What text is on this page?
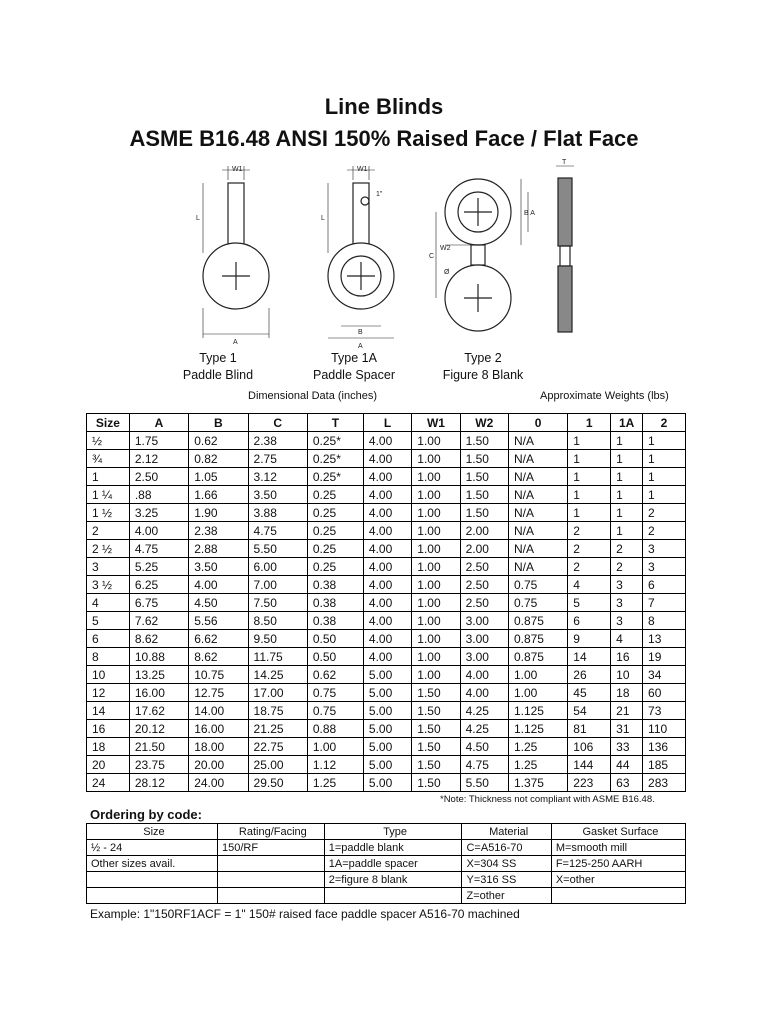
Line Blinds
ASME B16.48 ANSI 150% Raised Face / Flat Face
W1
L
A
W1
1"
L
B
A
B A
C
W2
Ø
T
Type 1
Paddle Blind
Type 1A
Paddle Spacer
Type 2
Figure 8 Blank
Dimensional Data (inches)	Approximate Weights (lbs)
Size	A	B	C	T	L	W1	W2	0	1	1A	2
½	1.75	0.62	2.38	0.25*	4.00	1.00	1.50	N/A	1	1	1
¾	2.12	0.82	2.75	0.25*	4.00	1.00	1.50	N/A	1	1	1
1	2.50	1.05	3.12	0.25*	4.00	1.00	1.50	N/A	1	1	1
1 ¼	.88	1.66	3.50	0.25	4.00	1.00	1.50	N/A	1	1	1
1 ½	3.25	1.90	3.88	0.25	4.00	1.00	1.50	N/A	1	1	2
2	4.00	2.38	4.75	0.25	4.00	1.00	2.00	N/A	2	1	2
2 ½	4.75	2.88	5.50	0.25	4.00	1.00	2.00	N/A	2	2	3
3	5.25	3.50	6.00	0.25	4.00	1.00	2.50	N/A	2	2	3
3 ½	6.25	4.00	7.00	0.38	4.00	1.00	2.50	0.75	4	3	6
4	6.75	4.50	7.50	0.38	4.00	1.00	2.50	0.75	5	3	7
5	7.62	5.56	8.50	0.38	4.00	1.00	3.00	0.875	6	3	8
6	8.62	6.62	9.50	0.50	4.00	1.00	3.00	0.875	9	4	13
8	10.88	8.62	11.75	0.50	4.00	1.00	3.00	0.875	14	16	19
10	13.25	10.75	14.25	0.62	5.00	1.00	4.00	1.00	26	10	34
12	16.00	12.75	17.00	0.75	5.00	1.50	4.00	1.00	45	18	60
14	17.62	14.00	18.75	0.75	5.00	1.50	4.25	1.125	54	21	73
16	20.12	16.00	21.25	0.88	5.00	1.50	4.25	1.125	81	31	110
18	21.50	18.00	22.75	1.00	5.00	1.50	4.50	1.25	106	33	136
20	23.75	20.00	25.00	1.12	5.00	1.50	4.75	1.25	144	44	185
24	28.12	24.00	29.50	1.25	5.00	1.50	5.50	1.375	223	63	283
*Note: Thickness not compliant with ASME B16.48.
Ordering by code:
Size	Rating/Facing	Type	Material	Gasket Surface
½ - 24	150/RF	1=paddle blank	C=A516-70	M=smooth mill
Other sizes avail.		1A=paddle spacer	X=304 SS	F=125-250 AARH
		2=figure 8 blank	Y=316 SS	X=other
			Z=other	
Example: 1"150RF1ACF = 1" 150# raised face paddle spacer A516-70 machined
